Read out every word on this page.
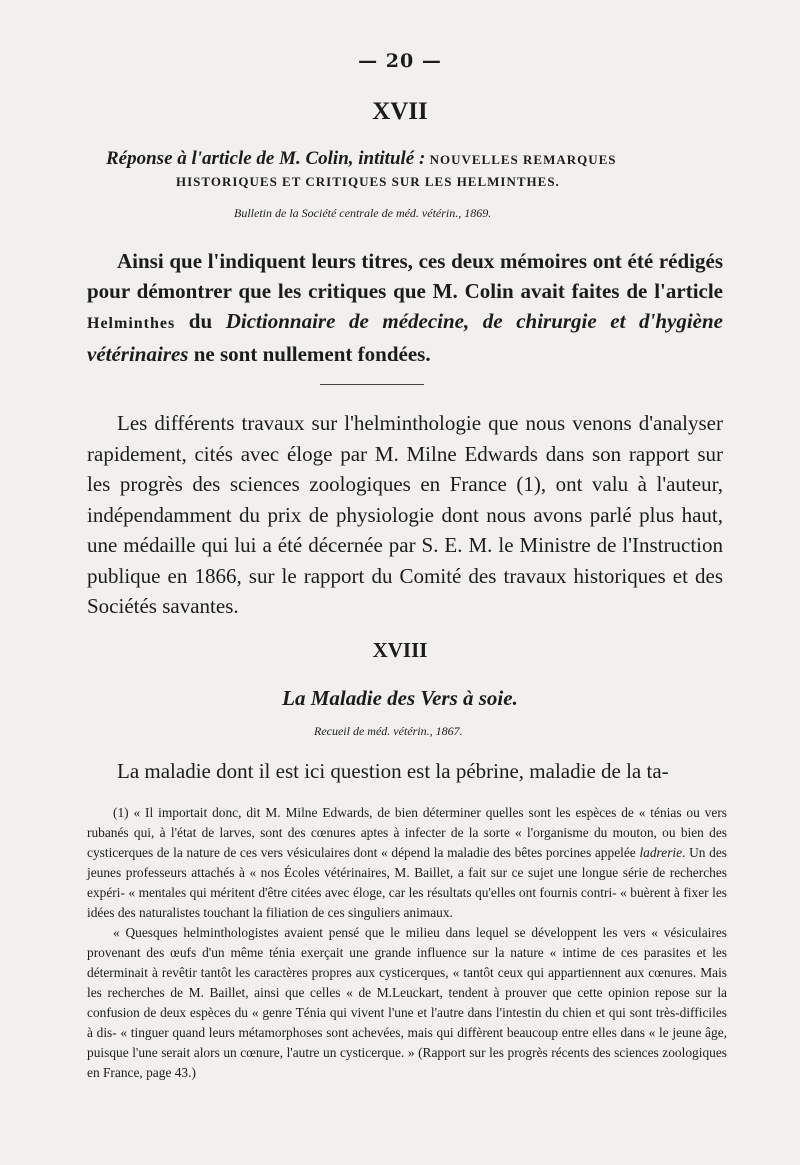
— 20 —
XVII
Réponse à l'article de M. Colin, intitulé : NOUVELLES REMARQUES
HISTORIQUES ET CRITIQUES SUR LES HELMINTHES.
Bulletin de la Société centrale de méd. vétérin., 1869.
Ainsi que l'indiquent leurs titres, ces deux mémoires ont été rédigés pour démontrer que les critiques que M. Colin avait faites de l'article Helminthes du Dictionnaire de médecine, de chirurgie et d'hygiène vétérinaires ne sont nullement fondées.
Les différents travaux sur l'helminthologie que nous venons d'analyser rapidement, cités avec éloge par M. Milne Edwards dans son rapport sur les progrès des sciences zoologiques en France (1), ont valu à l'auteur, indépendamment du prix de physiologie dont nous avons parlé plus haut, une médaille qui lui a été décernée par S. E. M. le Ministre de l'Instruction publique en 1866, sur le rapport du Comité des travaux historiques et des Sociétés savantes.
XVIII
La Maladie des Vers à soie.
Recueil de méd. vétérin., 1867.
La maladie dont il est ici question est la pébrine, maladie de la ta-

(1) « Il importait donc, dit M. Milne Edwards, de bien déterminer quelles sont les espèces de « ténias ou vers rubanés qui, à l'état de larves, sont des cœnures aptes à infecter de la sorte « l'organisme du mouton, ou bien des cysticerques de la nature de ces vers vésiculaires dont « dépend la maladie des bêtes porcines appelée ladrerie. Un des jeunes professeurs attachés à « nos Écoles vétérinaires, M. Baillet, a fait sur ce sujet une longue série de recherches expéri- « mentales qui méritent d'être citées avec éloge, car les résultats qu'elles ont fournis contri- « buèrent à fixer les idées des naturalistes touchant la filiation de ces singuliers animaux.

« Quesques helminthologistes avaient pensé que le milieu dans lequel se développent les vers « vésiculaires provenant des œufs d'un même ténia exerçait une grande influence sur la nature « intime de ces parasites et les déterminait à revêtir tantôt les caractères propres aux cysticerques, « tantôt ceux qui appartiennent aux cœnures. Mais les recherches de M. Baillet, ainsi que celles « de M.Leuckart, tendent à prouver que cette opinion repose sur la confusion de deux espèces du « genre Ténia qui vivent l'une et l'autre dans l'intestin du chien et qui sont très-difficiles à dis- « tinguer quand leurs métamorphoses sont achevées, mais qui diffèrent beaucoup entre elles dans « le jeune âge, puisque l'une serait alors un cœnure, l'autre un cysticerque. » (Rapport sur les progrès récents des sciences zoologiques en France, page 43.)
